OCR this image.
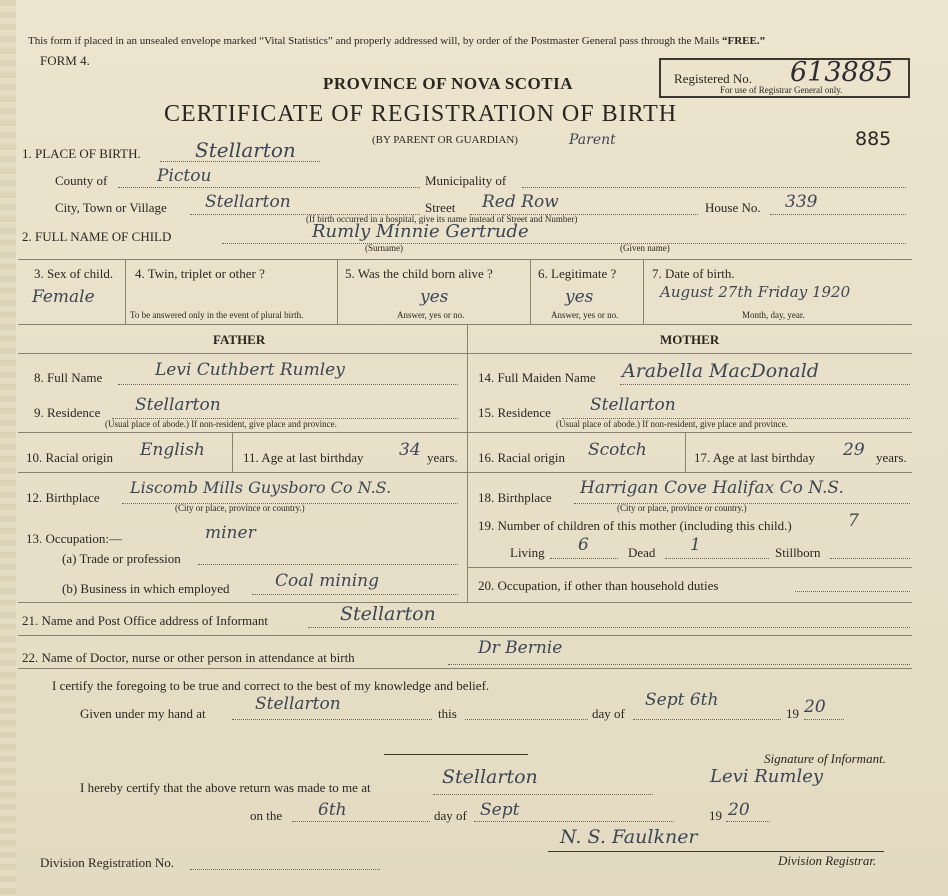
This form if placed in an unsealed envelope marked “Vital Statistics” and properly addressed will, by order of the Postmaster General pass through the Mails “FREE.”
FORM 4.
PROVINCE OF NOVA SCOTIA
CERTIFICATE OF REGISTRATION OF BIRTH
(BY PARENT OR GUARDIAN)	Parent
Registered No. 613885
For use of Registrar General only.
885
1. PLACE OF BIRTH.	Stellarton
County of	Pictou	Municipality of
City, Town or Village Stellarton	Street Red Row	House No. 339
(If birth occurred in a hospital, give its name instead of Street and Number)
2. FULL NAME OF CHILD	Rumly Minnie Gertrude
(Surname)	(Given name)
3. Sex of child.
Female
4. Twin, triplet or other ?
To be answered only in the event of plural birth.
5. Was the child born alive ?
yes
Answer, yes or no.
6. Legitimate ?
yes
Answer, yes or no.
7. Date of birth.
August 27th Friday 1920
Month, day, year.
FATHER	MOTHER
8. Full Name	Levi Cuthbert Rumley
9. Residence Stellarton
(Usual place of abode.) If non-resident, give place and province.
10. Racial origin English	11. Age at last birthday 34 years.
12. Birthplace
Liscomb Mills Guysboro Co N.S.
(City or place, province or country.)
13. Occupation:—	miner
(a) Trade or profession
(b) Business in which employed	Coal mining
14. Full Maiden Name Arabella MacDonald
15. Residence Stellarton
(Usual place of abode.) If non-resident, give place and province.
16. Racial origin Scotch	17. Age at last birthday 29 years.
18. Birthplace Harrigan Cove Halifax Co N.S.
(City or place, province or country.)
19. Number of children of this mother (including this child.)	7
Living 6	Dead 1	Stillborn
20. Occupation, if other than household duties
21. Name and Post Office address of Informant	Stellarton
22. Name of Doctor, nurse or other person in attendance at birth	Dr Bernie
I certify the foregoing to be true and correct to the best of my knowledge and belief.
Given under my hand at	Stellarton	this	day of
Sept 6th
19 20
Signature of Informant.
I hereby certify that the above return was made to me at	Stellarton	Levi Rumley
on the 6th	day of Sept	19 20
N. S. Faulkner
Division Registration No.	Division Registrar.
